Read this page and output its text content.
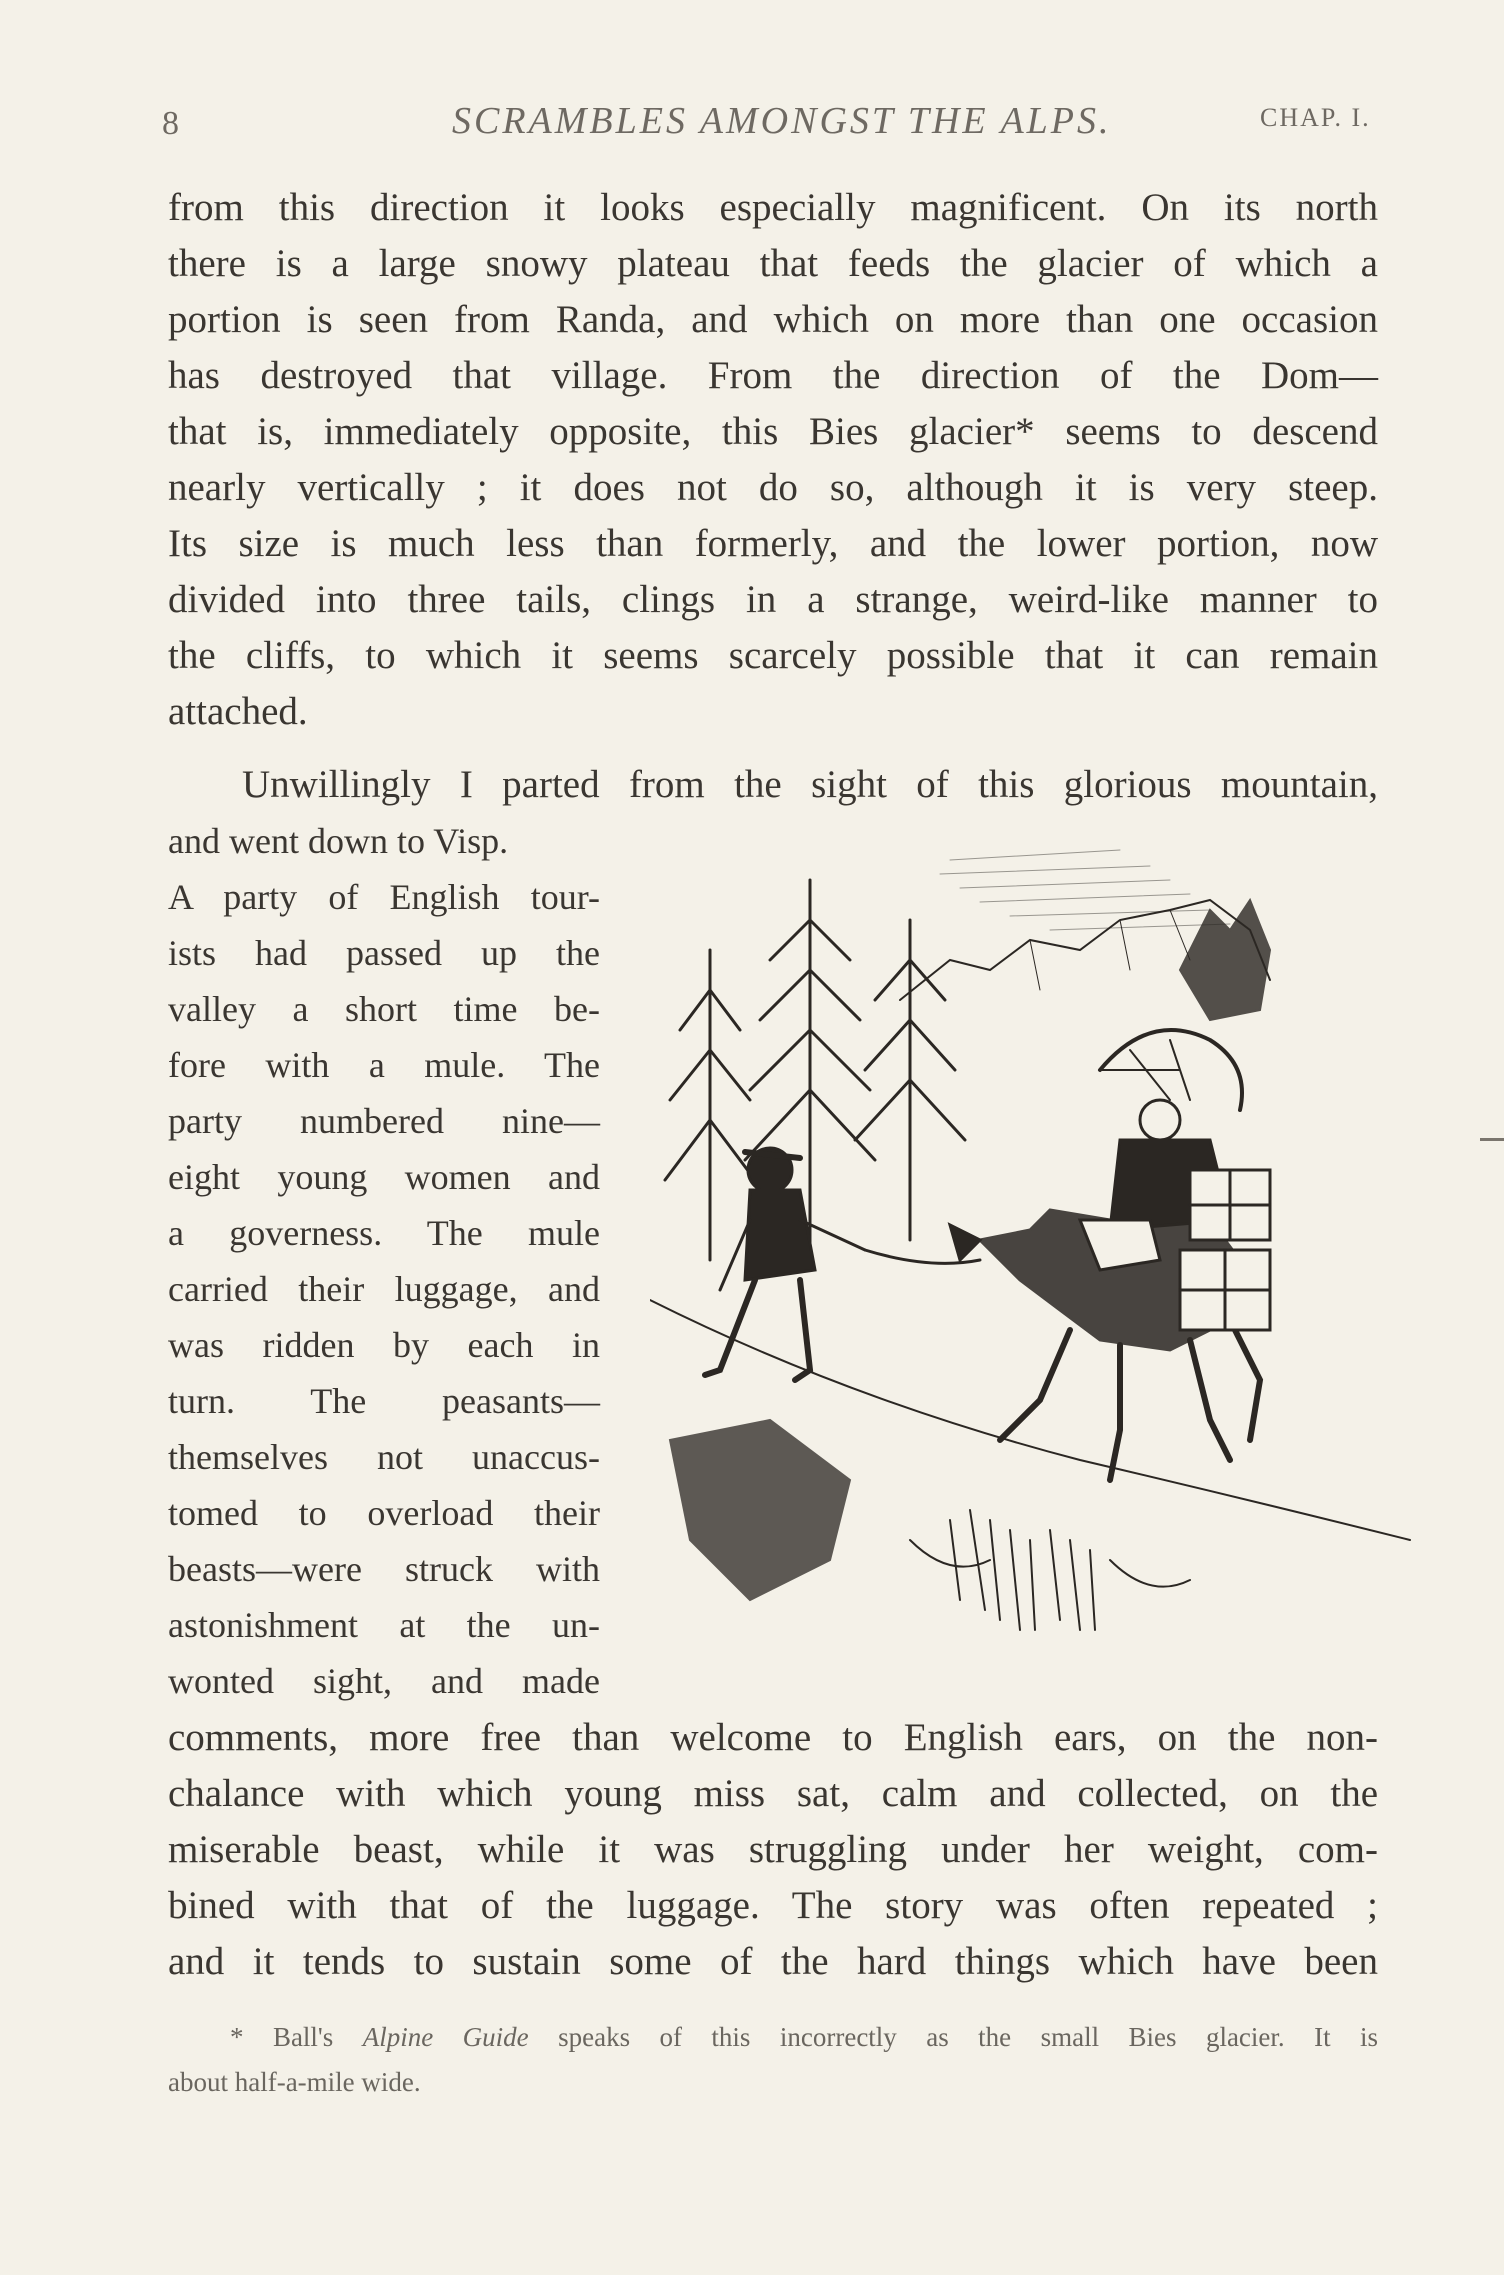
8	SCRAMBLES AMONGST THE ALPS.	CHAP. I.
from this direction it looks especially magnificent. On its north
there is a large snowy plateau that feeds the glacier of which a
portion is seen from Randa, and which on more than one occasion
has destroyed that village. From the direction of the Dom—
that is, immediately opposite, this Bies glacier* seems to descend
nearly vertically ; it does not do so, although it is very steep.
Its size is much less than formerly, and the lower portion, now
divided into three tails, clings in a strange, weird-like manner to
the cliffs, to which it seems scarcely possible that it can remain
attached.
Unwillingly I parted from the sight of this glorious mountain,
and went down to Visp.
A party of English tour-
ists had passed up the
valley a short time be-
fore with a mule. The
party numbered nine—
eight young women and
a governess. The mule
carried their luggage, and
was ridden by each in
turn. The peasants—
themselves not unaccus-
tomed to overload their
beasts—were struck with
astonishment at the un-
wonted sight, and made
comments, more free than welcome to English ears, on the non-
chalance with which young miss sat, calm and collected, on the
miserable beast, while it was struggling under her weight, com-
bined with that of the luggage. The story was often repeated ;
and it tends to sustain some of the hard things which have been
* Ball's Alpine Guide speaks of this incorrectly as the small Bies glacier. It is
about half-a-mile wide.
